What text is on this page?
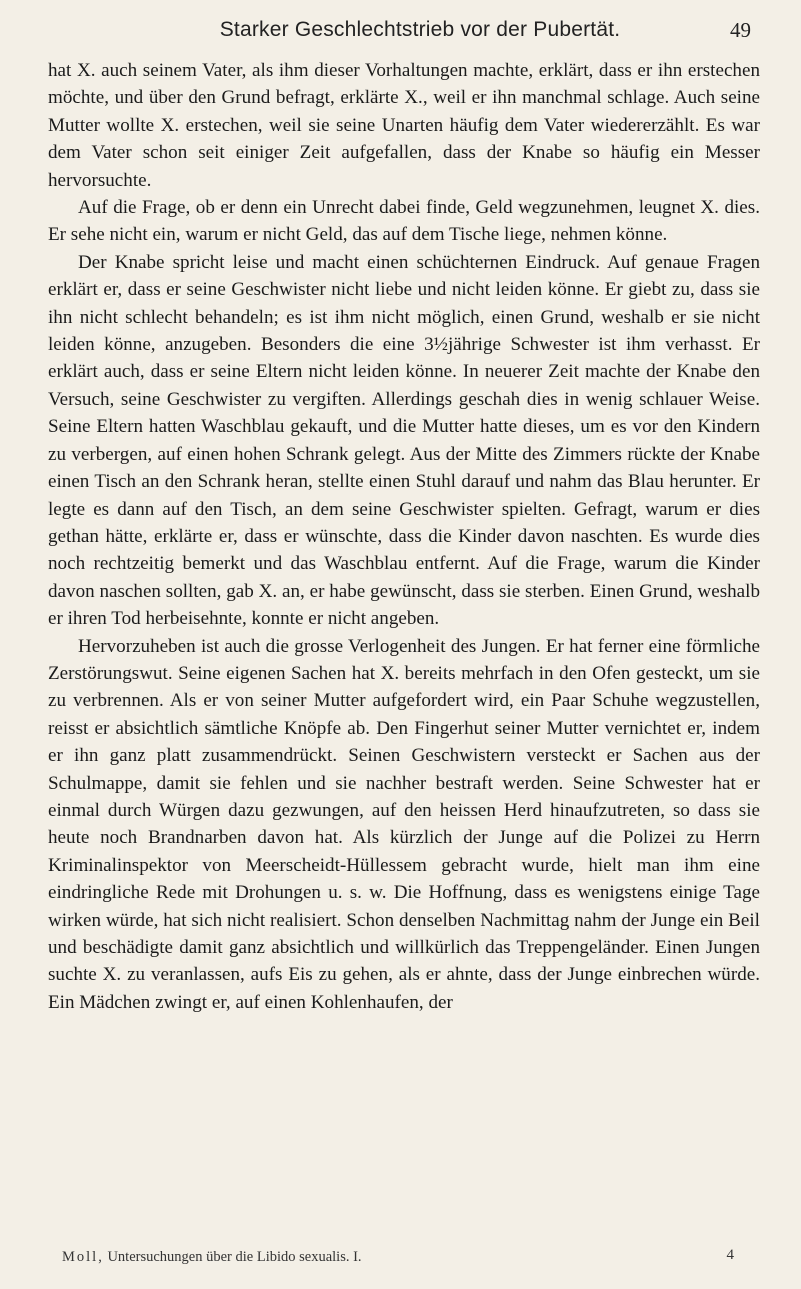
Starker Geschlechtstrieb vor der Pubertät.	49

hat X. auch seinem Vater, als ihm dieser Vorhaltungen machte, erklärt, dass er ihn erstechen möchte, und über den Grund befragt, erklärte X., weil er ihn manchmal schlage. Auch seine Mutter wollte X. erstechen, weil sie seine Unarten häufig dem Vater wiedererzählt. Es war dem Vater schon seit einiger Zeit aufgefallen, dass der Knabe so häufig ein Messer hervorsuchte.

Auf die Frage, ob er denn ein Unrecht dabei finde, Geld wegzunehmen, leugnet X. dies. Er sehe nicht ein, warum er nicht Geld, das auf dem Tische liege, nehmen könne.

Der Knabe spricht leise und macht einen schüchternen Eindruck. Auf genaue Fragen erklärt er, dass er seine Geschwister nicht liebe und nicht leiden könne. Er giebt zu, dass sie ihn nicht schlecht behandeln; es ist ihm nicht möglich, einen Grund, weshalb er sie nicht leiden könne, anzugeben. Besonders die eine 3½jährige Schwester ist ihm verhasst. Er erklärt auch, dass er seine Eltern nicht leiden könne. In neuerer Zeit machte der Knabe den Versuch, seine Geschwister zu vergiften. Allerdings geschah dies in wenig schlauer Weise. Seine Eltern hatten Waschblau gekauft, und die Mutter hatte dieses, um es vor den Kindern zu verbergen, auf einen hohen Schrank gelegt. Aus der Mitte des Zimmers rückte der Knabe einen Tisch an den Schrank heran, stellte einen Stuhl darauf und nahm das Blau herunter. Er legte es dann auf den Tisch, an dem seine Geschwister spielten. Gefragt, warum er dies gethan hätte, erklärte er, dass er wünschte, dass die Kinder davon naschten. Es wurde dies noch rechtzeitig bemerkt und das Waschblau entfernt. Auf die Frage, warum die Kinder davon naschen sollten, gab X. an, er habe gewünscht, dass sie sterben. Einen Grund, weshalb er ihren Tod herbeisehnte, konnte er nicht angeben.

Hervorzuheben ist auch die grosse Verlogenheit des Jungen. Er hat ferner eine förmliche Zerstörungswut. Seine eigenen Sachen hat X. bereits mehrfach in den Ofen gesteckt, um sie zu verbrennen. Als er von seiner Mutter aufgefordert wird, ein Paar Schuhe wegzustellen, reisst er absichtlich sämtliche Knöpfe ab. Den Fingerhut seiner Mutter vernichtet er, indem er ihn ganz platt zusammendrückt. Seinen Geschwistern versteckt er Sachen aus der Schulmappe, damit sie fehlen und sie nachher bestraft werden. Seine Schwester hat er einmal durch Würgen dazu gezwungen, auf den heissen Herd hinaufzutreten, so dass sie heute noch Brandnarben davon hat. Als kürzlich der Junge auf die Polizei zu Herrn Kriminalinspektor von Meerscheidt-Hüllessem gebracht wurde, hielt man ihm eine eindringliche Rede mit Drohungen u. s. w. Die Hoffnung, dass es wenigstens einige Tage wirken würde, hat sich nicht realisiert. Schon denselben Nachmittag nahm der Junge ein Beil und beschädigte damit ganz absichtlich und willkürlich das Treppengeländer. Einen Jungen suchte X. zu veranlassen, aufs Eis zu gehen, als er ahnte, dass der Junge einbrechen würde. Ein Mädchen zwingt er, auf einen Kohlenhaufen, der

Moll, Untersuchungen über die Libido sexualis. I.	4
